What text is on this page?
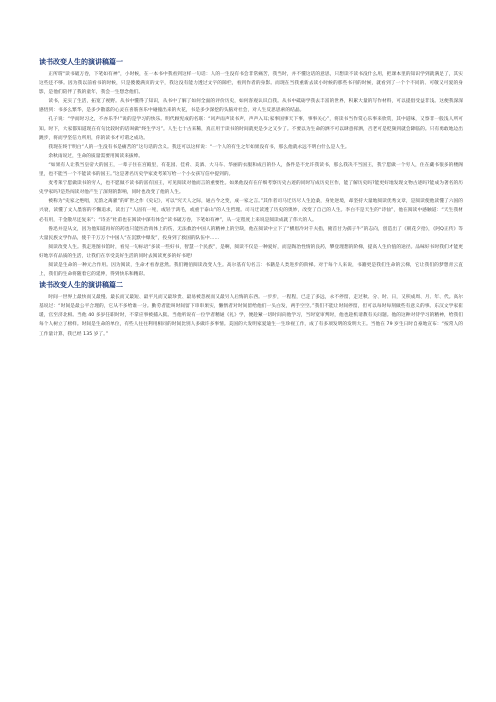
读书改变人生的演讲稿篇一

正所谓“读书破万卷，下笔如有神”，小时候，在一本书中我看到这样一句话：人的一生没有书会非常痛苦，我当时，并不懂这话的意思，只想读不读书没什么用，把课本里的知识学到就满足了，其实这些还不够。因为我以前看书的时候，只是傻傻满页的文字，我这没有能力透过文字的隙栏，看到作者的身影。而现在当我重新去读小时候的那些书刊的时候，就看到了一个个不同的、可敬又可爱的身影，是他们陪伴了我的童年，我会一生想念他们。

读书，充实了生活，拓宽了视野。从书中懂得了知识，从书中了解了如何全面的评价历史，如何客观认识自我。从书中砥砺学我去丰富的世界，积累大量的写作材料，可以提倡受益非浅。这便我深深感悟到：书多么繁华，是多少散落的心灵在喜筋喜乐中碰撞出来的火花，书是多少深挖的头脑对社会，对人生反思思索的结晶。

孔子说：“学而时习之，不亦乐乎!”说的是学习的快乐。明代顾宪成的名联：“风声雨声读书声，声声入耳;家事国事天下事，事事关心”，将读书当作赏心乐事来欣赏，其中道味，又察非一般浅人所可知。时下，大家都知道现在有句比较时的话叫做“终生学习”。人生七十古来稀，真正用于读书的时间就更是少之又少了。不要以为生命的洒不可以肆意挥洒，否老可是贬频到就会降临的。只有勇敢地边出跳步，将而学坚信力所用，你的读书才可谓之成功。

我现在终于明白“人的一生没有书是痛苦的”这句话的含义。我还可以这样说：“一个人的有生之年如果没有书，那么他就永远不明白什么是人生。

余秋雨说过，生命的质量需要用阅读来拔绅。

“如果有人让我当皇帝大的国王，一辈子住在宫殿里，有花园、佳肴、美酒、大马车、华丽的衣服和成百的仆人，条件是不允许我读书，那么我决不当国王，我宁愿做一个穷人，住在藏书很多的楼阁里，也不能当一个不能读书的国王。”这是著名历史学家麦考莱写给一个小女孩写信中提到的。

麦考莱宁愿做读书的穷人，也不愿做不读书的富有国王，可见阅读对他而言的重要性。如果他没有在仔细考察历史古迹的同时写成历史巨作，能了解历史吗?能更好地发现文物古迹吗?能成为著名的历史学家吗?是热闯读对他产生了深刻的影响，同时也改变了他的人生。

被称为“史家之绝唱，无韵之离骚”的旷世之作《史记》，可以“究天人之际，通古今之变，成一家之言。”其作者司马迁历尽人生沧桑，身处逆境，却坚持大量地阅读优秀文章，是阅读使他读懂了六国的兴衰，读懂了文人墨客的不懈追求，读出了“人固有一死，或轻于鸿毛，或重于泰山”的人生哲理。司马迁读透了历史的奥妙，改变了自己的人生。李白不是天生的“诗仙”，他在阅读中感触道：“天生我材必有用，千金散尽还复来”；“诗圣”杜甫也在阅读中深有体会“读书破万卷，下笔如有神”，从一定程度上来说是阅读成就了伟大的人。

鲁迅并是从文，因为他知道再好的药也只能医治肉体上的伤，无法救治中国人的精神上的空缺，他在阅读中立下了“横眉冷对千夫指，俯首甘为孺子牛”的志向，创造出了《朝花夕拾》，《阿Q正传》等大量民族文学作品，使千千万万个中国人“在沉默中爆发”，投身到了救国的队伍中……

阅读改变人生。我走进图书馆时，看见一句标语“多读一些好书，智慧一个民族”，是啊，阅读不仅是一种爱好，而是陶冶性情的良药，攀登理想的阶梯，提高人生价值的途径。品味好书时我们才能更好地享有品质的生活，让我们在享受美好生活的同时去阅读更多的好书吧!

阅读是生命的一种元合作用。因为阅读，生命才看春意然。我们翱佰阅读改变人生。高尔基有句名言：书籍是人类进步的阶梯。对于每个人来说，书籍更是我们生命的云梯，它让我们的梦想青云直上，我们的生命将随着它的延伸，得到快乐和精彩。

读书改变人生的演讲稿篇二

时间一世界上最快而又最慢、最长而又最短、最平凡而又最珍贵、最易被忽视而又最另人后悔的东西。一步步，一程程，已走了多远，永不停留，走过秋、分、时、日，又积成周、月、年、代。高尔基说过：“时间是最公平合理的，它从不多给谁一分。勤劳者能叫时间留下串串果实，懒惰者对时间留给他们一头白发，两手空空。”我们不能让时间停留，但可以每时每刻做些有意义的事。东汉文学家崔瑗，官至济北相。当他 40 多岁任职时时，不掌应事被捕入狱。当他听说有一位学者精通《礼》学，便趁紧一切时间向他学习，当时宽审判时，他也趁机请教有关问题。他的这种对待学习的精神，给我们每个人树立了榜样。时间是生命的单位，有些人往往利用相同的时间比别人多做许多事情。美国的大发明家爱迪生一生珍视工作，成了有多项发明的发明大王。当他在 79 岁生日时自豪地宣布：“按常人的工作量计算，我已经 135 岁了。”
